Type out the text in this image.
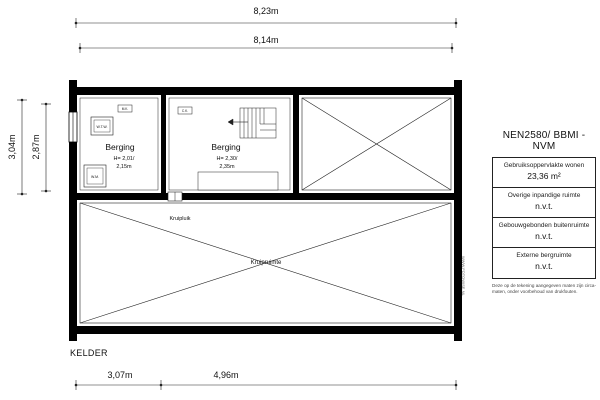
8,23m
8,14m
3,04m 2,87m
3,07m	4,96m
W.T.W.
W.M.
M.K.	C.K.
Berging
H= 2,01/
2,15m
Berging
H= 2,30/
2,35m
Kruipluik
Kruipruimte
KELDER
WWW.FOTOWISE.NL
NEN2580/ BBMI - NVM
Gebruiksoppervlakte wonen
23,36 m²
Overige inpandige ruimte
n.v.t.
Gebouwgebonden buitenruimte
n.v.t.
Externe bergruimte
n.v.t.
Deze op de tekening aangegeven maten zijn circa-maten, onder voorbehoud van drukfouten.
